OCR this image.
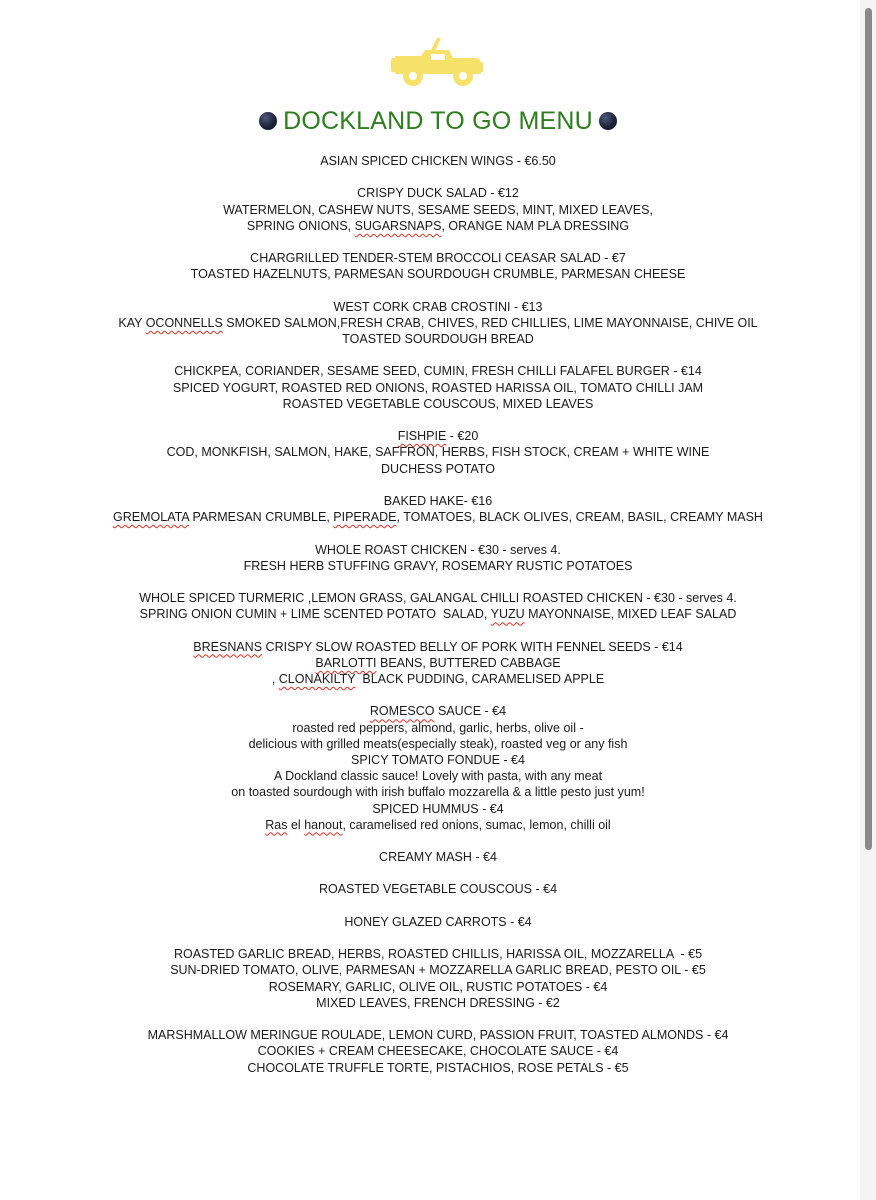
DOCKLAND TO GO MENU
ASIAN SPICED CHICKEN WINGS - €6.50
CRISPY DUCK SALAD - €12
WATERMELON, CASHEW NUTS, SESAME SEEDS, MINT, MIXED LEAVES,
SPRING ONIONS, SUGARSNAPS, ORANGE NAM PLA DRESSING
CHARGRILLED TENDER-STEM BROCCOLI CEASAR SALAD - €7
TOASTED HAZELNUTS, PARMESAN SOURDOUGH CRUMBLE, PARMESAN CHEESE
WEST CORK CRAB CROSTINI - €13
KAY OCONNELLS SMOKED SALMON,FRESH CRAB, CHIVES, RED CHILLIES, LIME MAYONNAISE, CHIVE OIL
TOASTED SOURDOUGH BREAD
CHICKPEA, CORIANDER, SESAME SEED, CUMIN, FRESH CHILLI FALAFEL BURGER - €14
SPICED YOGURT, ROASTED RED ONIONS, ROASTED HARISSA OIL, TOMATO CHILLI JAM
ROASTED VEGETABLE COUSCOUS, MIXED LEAVES
FISHPIE - €20
COD, MONKFISH, SALMON, HAKE, SAFFRON, HERBS, FISH STOCK, CREAM + WHITE WINE
DUCHESS POTATO
BAKED HAKE- €16
GREMOLATA PARMESAN CRUMBLE, PIPERADE, TOMATOES, BLACK OLIVES, CREAM, BASIL, CREAMY MASH
WHOLE ROAST CHICKEN - €30 - serves 4.
FRESH HERB STUFFING GRAVY, ROSEMARY RUSTIC POTATOES
WHOLE SPICED TURMERIC ,LEMON GRASS, GALANGAL CHILLI ROASTED CHICKEN - €30 - serves 4.
SPRING ONION CUMIN + LIME SCENTED POTATO SALAD, YUZU MAYONNAISE, MIXED LEAF SALAD
BRESNANS CRISPY SLOW ROASTED BELLY OF PORK WITH FENNEL SEEDS - €14
BARLOTTI BEANS, BUTTERED CABBAGE
, CLONAKILTY BLACK PUDDING, CARAMELISED APPLE
ROMESCO SAUCE - €4
roasted red peppers, almond, garlic, herbs, olive oil -
delicious with grilled meats(especially steak), roasted veg or any fish
SPICY TOMATO FONDUE - €4
A Dockland classic sauce! Lovely with pasta, with any meat
on toasted sourdough with irish buffalo mozzarella & a little pesto just yum!
SPICED HUMMUS - €4
Ras el hanout, caramelised red onions, sumac, lemon, chilli oil
CREAMY MASH - €4
ROASTED VEGETABLE COUSCOUS - €4
HONEY GLAZED CARROTS - €4
ROASTED GARLIC BREAD, HERBS, ROASTED CHILLIS, HARISSA OIL, MOZZARELLA  - €5
SUN-DRIED TOMATO, OLIVE, PARMESAN + MOZZARELLA GARLIC BREAD, PESTO OIL - €5
ROSEMARY, GARLIC, OLIVE OIL, RUSTIC POTATOES - €4
MIXED LEAVES, FRENCH DRESSING - €2
MARSHMALLOW MERINGUE ROULADE, LEMON CURD, PASSION FRUIT, TOASTED ALMONDS - €4
COOKIES + CREAM CHEESECAKE, CHOCOLATE SAUCE - €4
CHOCOLATE TRUFFLE TORTE, PISTACHIOS, ROSE PETALS - €5
